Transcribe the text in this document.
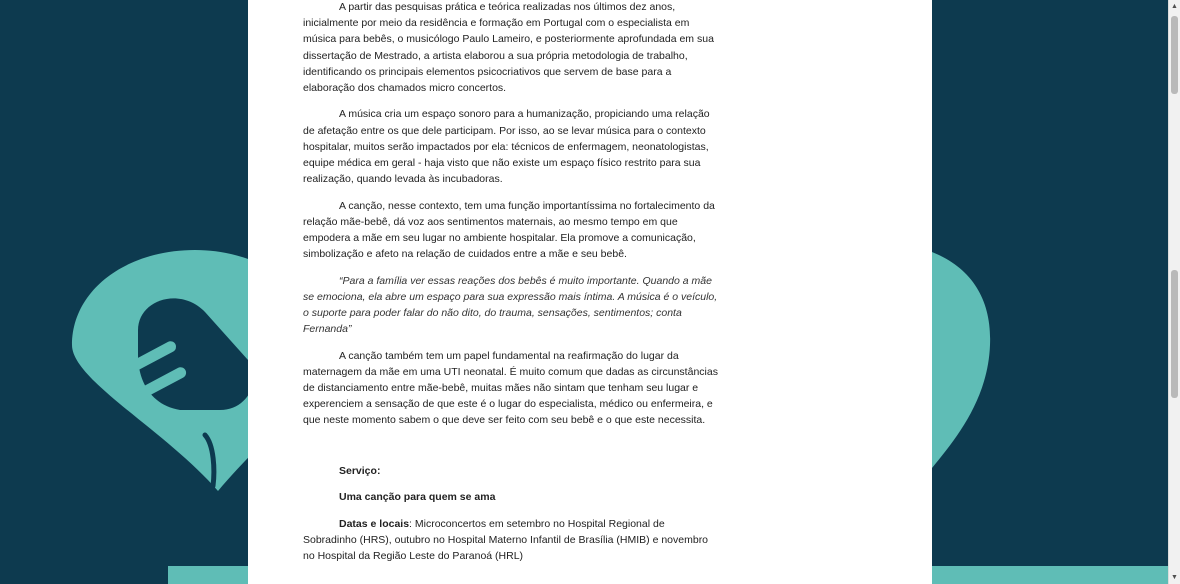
A partir das pesquisas prática e teórica realizadas nos últimos dez anos, inicialmente por meio da residência e formação em Portugal com o especialista em música para bebês, o musicólogo Paulo Lameiro, e posteriormente aprofundada em sua dissertação de Mestrado, a artista elaborou a sua própria metodologia de trabalho, identificando os principais elementos psicocriativos que servem de base para a elaboração dos chamados micro concertos.

A música cria um espaço sonoro para a humanização, propiciando uma relação de afetação entre os que dele participam. Por isso, ao se levar música para o contexto hospitalar, muitos serão impactados por ela: técnicos de enfermagem, neonatologistas, equipe médica em geral - haja visto que não existe um espaço físico restrito para sua realização, quando levada às incubadoras.

A canção, nesse contexto, tem uma função importantíssima no fortalecimento da relação mãe-bebê, dá voz aos sentimentos maternais, ao mesmo tempo em que empodera a mãe em seu lugar no ambiente hospitalar. Ela promove a comunicação, simbolização e afeto na relação de cuidados entre a mãe e seu bebê.

“Para a família ver essas reações dos bebês é muito importante. Quando a mãe se emociona, ela abre um espaço para sua expressão mais íntima. A música é o veículo, o suporte para poder falar do não dito, do trauma, sensações, sentimentos; conta Fernanda”

A canção também tem um papel fundamental na reafirmação do lugar da maternagem da mãe em uma UTI neonatal. É muito comum que dadas as circunstâncias de distanciamento entre mãe-bebê, muitas mães não sintam que tenham seu lugar e experenciem a sensação de que este é o lugar do especialista, médico ou enfermeira, e que neste momento sabem o que deve ser feito com seu bebê e o que este necessita.

Serviço:

Uma canção para quem se ama

Datas e locais: Microconcertos em setembro no Hospital Regional de Sobradinho (HRS), outubro no Hospital Materno Infantil de Brasília (HMIB) e novembro no Hospital da Região Leste do Paranoá (HRL)

▲
▼
